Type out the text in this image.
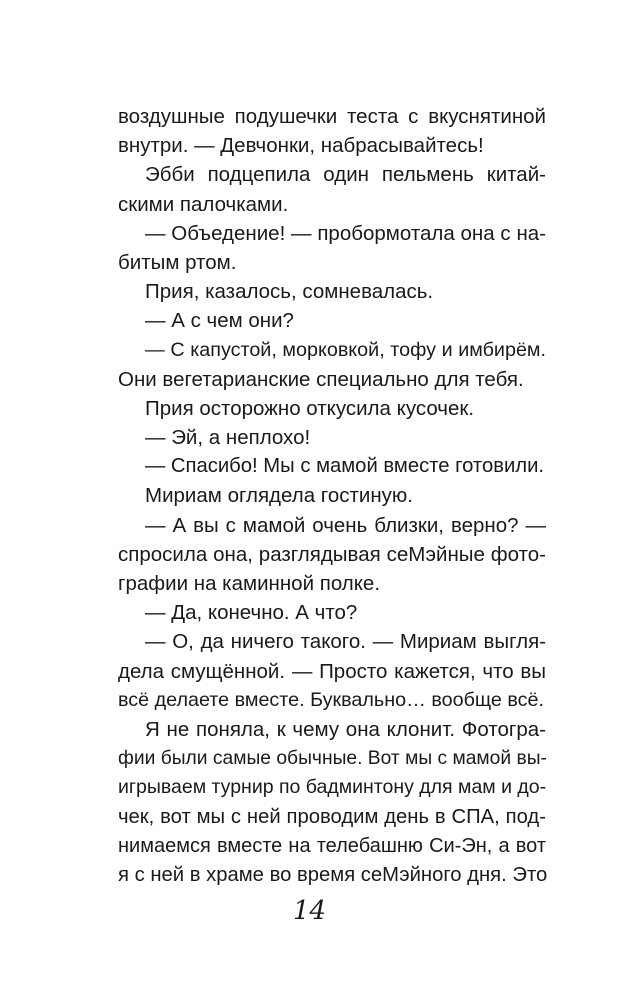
воздушные подушечки теста с вкуснятиной
внутри. — Девчонки, набрасывайтесь!
Эбби подцепила один пельмень китай-
скими палочками.
— Объедение! — пробормотала она с на-
битым ртом.
Прия, казалось, сомневалась.
— А с чем они?
— С капустой, морковкой, тофу и имбирём.
Они вегетарианские специально для тебя.
Прия осторожно откусила кусочек.
— Эй, а неплохо!
— Спасибо! Мы с мамой вместе готовили.
Мириам оглядела гостиную.
— А вы с мамой очень близки, верно? —
спросила она, разглядывая сеМэйные фото-
графии на каминной полке.
— Да, конечно. А что?
— О, да ничего такого. — Мириам выгля-
дела смущённой. — Просто кажется, что вы
всё делаете вместе. Буквально… вообще всё.
Я не поняла, к чему она клонит. Фотогра-
фии были самые обычные. Вот мы с мамой вы-
игрываем турнир по бадминтону для мам и до-
чек, вот мы с ней проводим день в СПА, под-
нимаемся вместе на телебашню Си-Эн, а вот
я с ней в храме во время сеМэйного дня. Это
14
